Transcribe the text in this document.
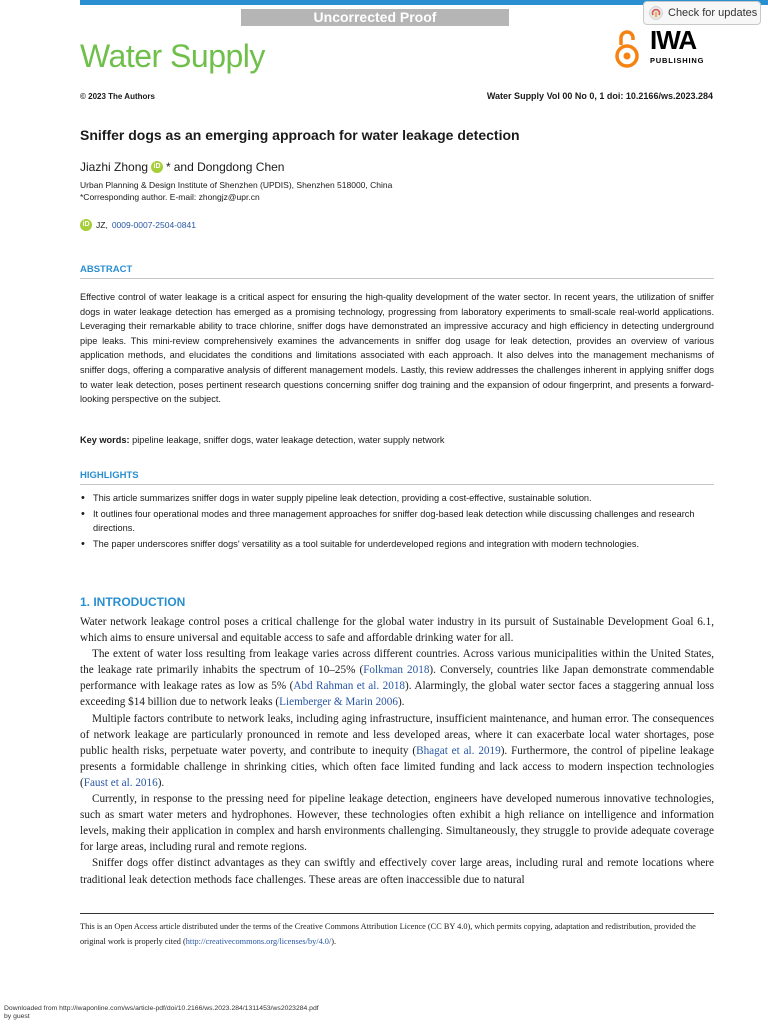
Uncorrected Proof	Check for updates
Water Supply	IWA
PUBLISHING
© 2023 The Authors	Water Supply Vol 00 No 0, 1 doi: 10.2166/ws.2023.284
Sniffer dogs as an emerging approach for water leakage detection
Jiazhi Zhong iD * and Dongdong Chen
Urban Planning & Design Institute of Shenzhen (UPDIS), Shenzhen 518000, China
*Corresponding author. E-mail: zhongjz@upr.cn
iD JZ, 0009-0007-2504-0841
ABSTRACT
Effective control of water leakage is a critical aspect for ensuring the high-quality development of the water sector. In recent years, the utilization of sniffer dogs in water leakage detection has emerged as a promising technology, progressing from laboratory experiments to small-scale real-world applications. Leveraging their remarkable ability to trace chlorine, sniffer dogs have demonstrated an impressive accuracy and high efficiency in detecting underground pipe leaks. This mini-review comprehensively examines the advancements in sniffer dog usage for leak detection, provides an overview of various application methods, and elucidates the conditions and limitations associated with each approach. It also delves into the management mechanisms of sniffer dogs, offering a comparative analysis of different management models. Lastly, this review addresses the challenges inherent in applying sniffer dogs to water leak detection, poses pertinent research questions concerning sniffer dog training and the expansion of odour fingerprint, and presents a forward-looking perspective on the subject.
Key words: pipeline leakage, sniffer dogs, water leakage detection, water supply network
HIGHLIGHTS
• This article summarizes sniffer dogs in water supply pipeline leak detection, providing a cost-effective, sustainable solution.
• It outlines four operational modes and three management approaches for sniffer dog-based leak detection while discussing challenges and research directions.
• The paper underscores sniffer dogs' versatility as a tool suitable for underdeveloped regions and integration with modern technologies.
1. INTRODUCTION

Water network leakage control poses a critical challenge for the global water industry in its pursuit of Sustainable Development Goal 6.1, which aims to ensure universal and equitable access to safe and affordable drinking water for all.

The extent of water loss resulting from leakage varies across different countries. Across various municipalities within the United States, the leakage rate primarily inhabits the spectrum of 10–25% (Folkman 2018). Conversely, countries like Japan demonstrate commendable performance with leakage rates as low as 5% (Abd Rahman et al. 2018). Alarmingly, the global water sector faces a staggering annual loss exceeding $14 billion due to network leaks (Liemberger & Marin 2006).

Multiple factors contribute to network leaks, including aging infrastructure, insufficient maintenance, and human error. The consequences of network leakage are particularly pronounced in remote and less developed areas, where it can exacerbate local water shortages, pose public health risks, perpetuate water poverty, and contribute to inequity (Bhagat et al. 2019). Furthermore, the control of pipeline leakage presents a formidable challenge in shrinking cities, which often face limited funding and lack access to modern inspection technologies (Faust et al. 2016).

Currently, in response to the pressing need for pipeline leakage detection, engineers have developed numerous innovative technologies, such as smart water meters and hydrophones. However, these technologies often exhibit a high reliance on intelligence and information levels, making their application in complex and harsh environments challenging. Simultaneously, they struggle to provide adequate coverage for large areas, including rural and remote regions.

Sniffer dogs offer distinct advantages as they can swiftly and effectively cover large areas, including rural and remote locations where traditional leak detection methods face challenges. These areas are often inaccessible due to natural

This is an Open Access article distributed under the terms of the Creative Commons Attribution Licence (CC BY 4.0), which permits copying, adaptation and redistribution, provided the original work is properly cited (http://creativecommons.org/licenses/by/4.0/).
Downloaded from http://iwaponline.com/ws/article-pdf/doi/10.2166/ws.2023.284/1311453/ws2023284.pdf
by guest
